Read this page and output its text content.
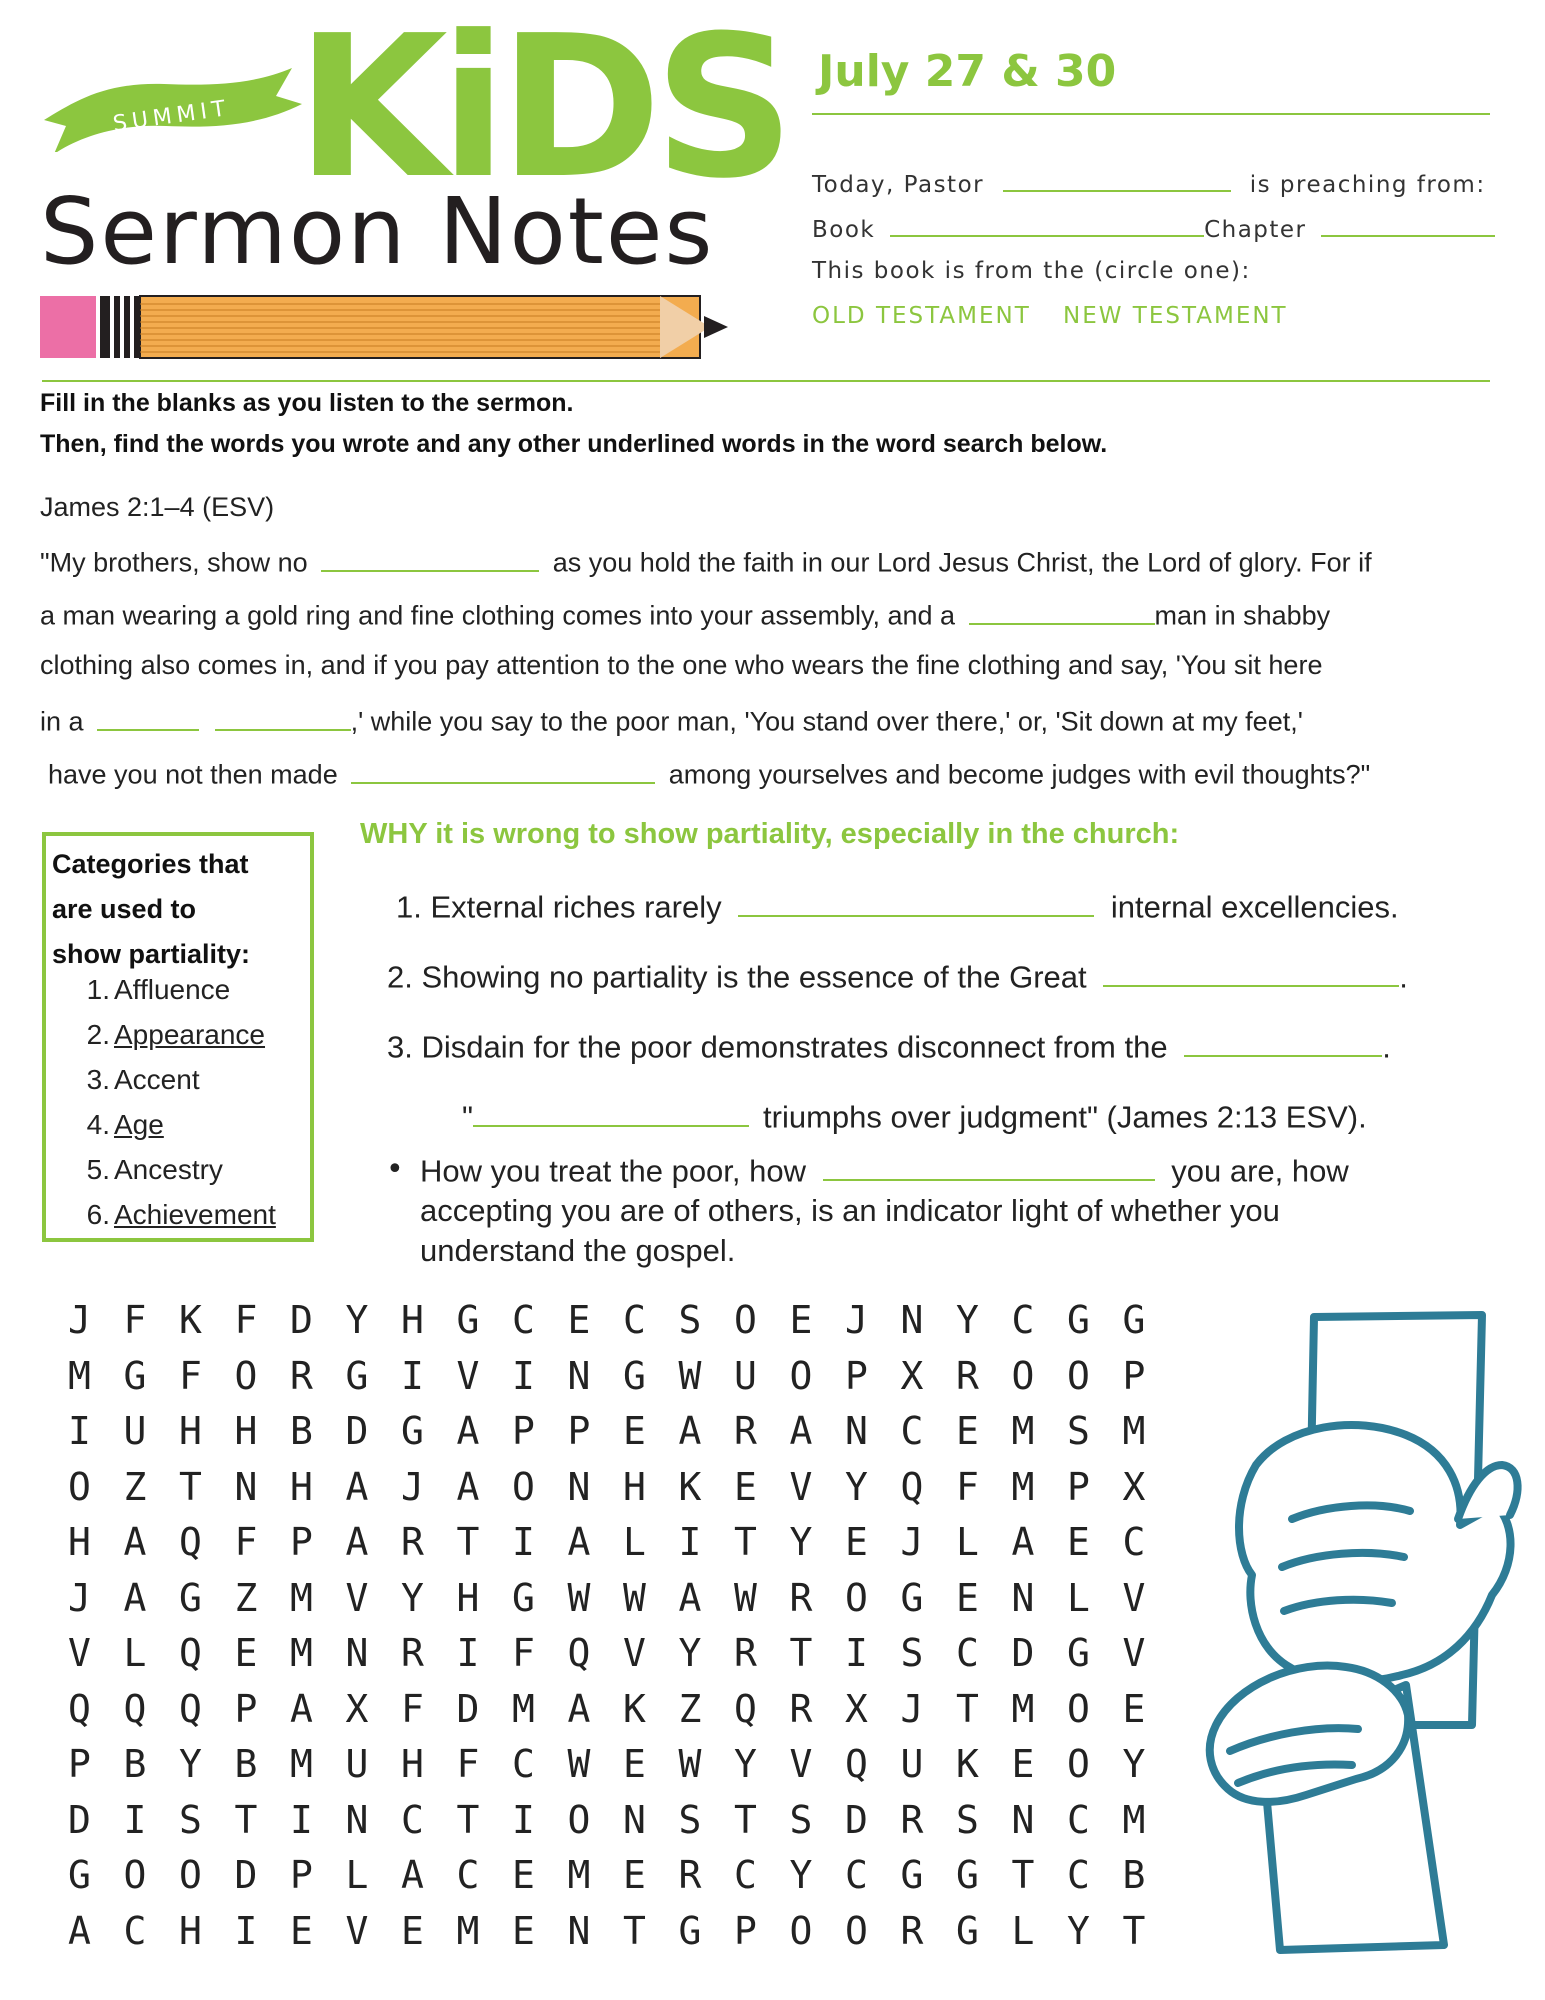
SUMMIT KiDS
Sermon Notes
July 27 & 30
Today, Pastor	is preaching from:
Book	Chapter
This book is from the (circle one):
OLD TESTAMENT NEW TESTAMENT
Fill in the blanks as you listen to the sermon.
Then, find the words you wrote and any other underlined words in the word search below.
James 2:1–4 (ESV)
"My brothers, show no	as you hold the faith in our Lord Jesus Christ, the Lord of glory. For if
a man wearing a gold ring and fine clothing comes into your assembly, and a	man in shabby
clothing also comes in, and if you pay attention to the one who wears the fine clothing and say, 'You sit here
in a	,' while you say to the poor man, 'You stand over there,' or, 'Sit down at my feet,'
have you not then made	among yourselves and become judges with evil thoughts?"
Categories that
are used to
show partiality:
1. Affluence
2. Appearance
3. Accent
4. Age
5. Ancestry
6. Achievement
WHY it is wrong to show partiality, especially in the church:
1. External riches rarely	internal excellencies.
2. Showing no partiality is the essence of the Great	.
3. Disdain for the poor demonstrates disconnect from the	.
"	triumphs over judgment" (James 2:13 ESV).
• How you treat the poor, how	you are, how accepting you are of others, is an indicator light of whether you understand the gospel.
J F K F D Y H G C E C S O E J N Y C G G
M G F O R G I V I N G W U O P X R O O P
I U H H B D G A P P E A R A N C E M S M
O Z T N H A J A O N H K E V Y Q F M P X
H A Q F P A R T I A L I T Y E J L A E C
J A G Z M V Y H G W W A W R O G E N L V
V L Q E M N R I F Q V Y R T I S C D G V
Q Q Q P A X F D M A K Z Q R X J T M O E
P B Y B M U H F C W E W Y V Q U K E O Y
D I S T I N C T I O N S T S D R S N C M
G O O D P L A C E M E R C Y C G G T C B
A C H I E V E M E N T G P O O R G L Y T
